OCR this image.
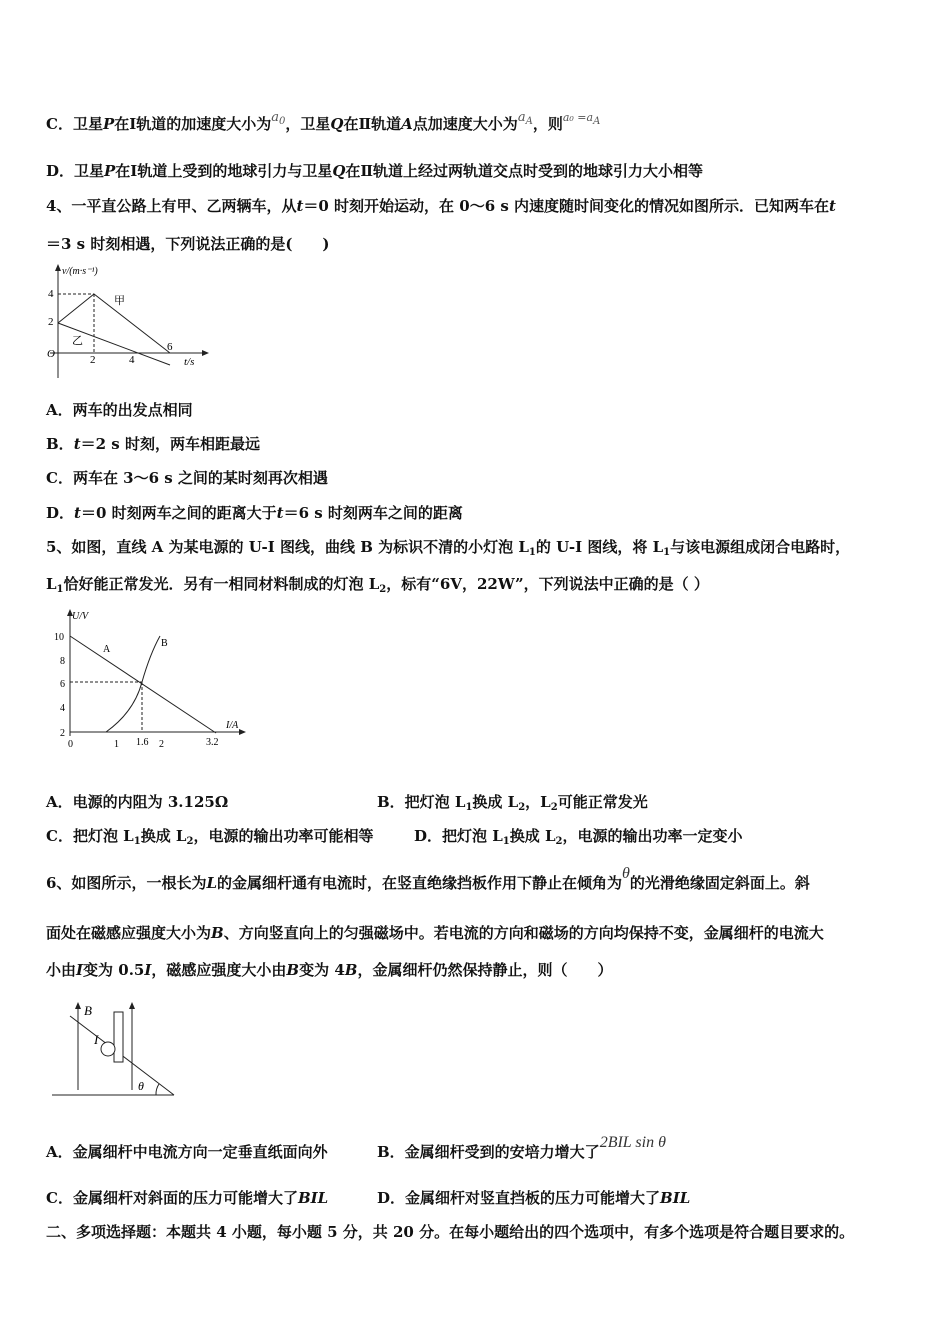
C．卫星P在Ⅰ轨道的加速度大小为$a_0$，卫星Q在Ⅱ轨道A点加速度大小为$a_A$，则$^{a_0 =aA}$
D．卫星P在Ⅰ轨道上受到的地球引力与卫星Q在Ⅱ轨道上经过两轨道交点时受到的地球引力大小相等
4、一平直公路上有甲、乙两辆车，从t＝0 时刻开始运动，在 0～6 s 内速度随时间变化的情况如图所示．已知两车在t
＝3 s 时刻相遇，下列说法正确的是(　　)
v/(m·s⁻¹)
t/s
O
4
2
2	4
6
甲
乙
A．两车的出发点相同
B．t＝2 s 时刻，两车相距最远
C．两车在 3～6 s 之间的某时刻再次相遇
D．t＝0 时刻两车之间的距离大于t＝6 s 时刻两车之间的距离
5、如图，直线 A 为某电源的 U-I 图线，曲线 B 为标识不清的小灯泡 $L_1$的 U-I 图线，将 $L_1$与该电源组成闭合电路时，
$L_1$恰好能正常发光．另有一相同材料制成的灯泡 $L_2$，标有“6V，22W”，下列说法中正确的是（ ）
U/V
I/A
10
8
6
4
2
0	1 1.6 2	3.2
A
B
A．电源的内阻为 3.125Ω	B．把灯泡 $L_1$换成 $L_2$，$L_2$可能正常发光
C．把灯泡 $L_1$换成 $L_2$，电源的输出功率可能相等	D．把灯泡 $L_1$换成 $L_2$，电源的输出功率一定变小
6、如图所示，一根长为L的金属细杆通有电流时，在竖直绝缘挡板作用下静止在倾角为θ的光滑绝缘固定斜面上。斜
面处在磁感应强度大小为B、方向竖直向上的匀强磁场中。若电流的方向和磁场的方向均保持不变，金属细杆的电流大
小由I变为 0.5I，磁感应强度大小由B变为 4B，金属细杆仍然保持静止，则（　　）
B
I
θ
A．金属细杆中电流方向一定垂直纸面向外	B．金属细杆受到的安培力增大了2BIL sin θ
C．金属细杆对斜面的压力可能增大了BIL	D．金属细杆对竖直挡板的压力可能增大了BIL
二、多项选择题：本题共 4 小题，每小题 5 分，共 20 分。在每小题给出的四个选项中，有多个选项是符合题目要求的。
